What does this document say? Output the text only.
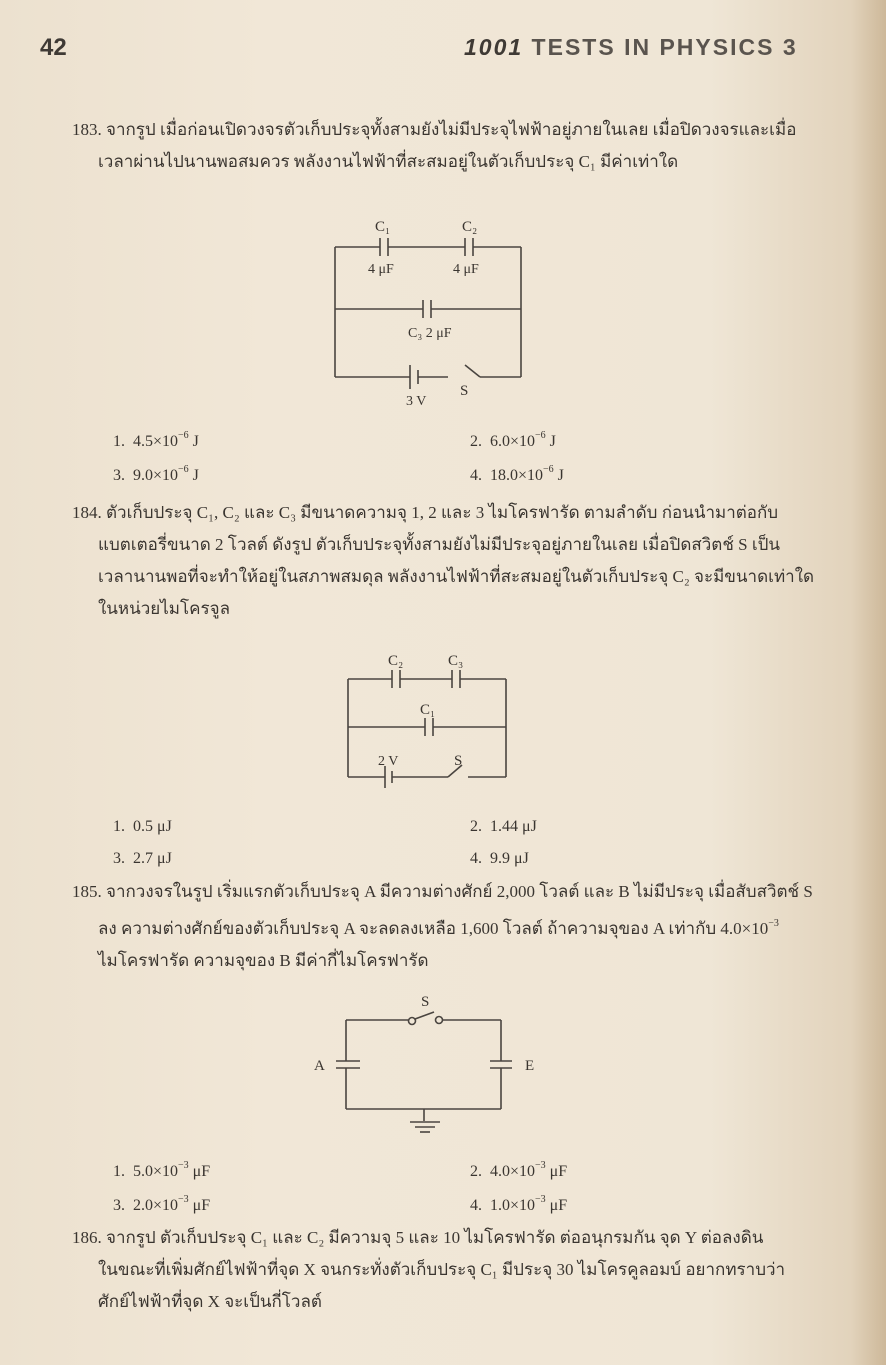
42	1001 TESTS IN PHYSICS 3
183. จากรูป เมื่อก่อนเปิดวงจรตัวเก็บประจุทั้งสามยังไม่มีประจุไฟฟ้าอยู่ภายในเลย เมื่อปิดวงจรและเมื่อ
เวลาผ่านไปนานพอสมควร พลังงานไฟฟ้าที่สะสมอยู่ในตัวเก็บประจุ C₁ มีค่าเท่าใด
C₁	C₂
4 μF	4 μF
C₃ 2 μF
S
3 V
1. $4.5\times 10^{-6}$ J	2. $6.0\times 10^{-6}$ J
3. $9.0\times 10^{-6}$ J	4. $18.0\times 10^{-6}$ J
184. ตัวเก็บประจุ C₁, C₂ และ C₃ มีขนาดความจุ 1, 2 และ 3 ไมโครฟารัด ตามลำดับ ก่อนนำมาต่อกับ
แบตเตอรี่ขนาด 2 โวลต์ ดังรูป ตัวเก็บประจุทั้งสามยังไม่มีประจุอยู่ภายในเลย เมื่อปิดสวิตช์ S เป็น
เวลานานพอที่จะทำให้อยู่ในสภาพสมดุล พลังงานไฟฟ้าที่สะสมอยู่ในตัวเก็บประจุ C₂ จะมีขนาดเท่าใด
ในหน่วยไมโครจูล
C₂	C₃
C₁
2 V	S
1. 0.5 μJ	2. 1.44 μJ
3. 2.7 μJ	4. 9.9 μJ
185. จากวงจรในรูป เริ่มแรกตัวเก็บประจุ A มีความต่างศักย์ 2,000 โวลต์ และ B ไม่มีประจุ เมื่อสับสวิตช์ S
ลง ความต่างศักย์ของตัวเก็บประจุ A จะลดลงเหลือ 1,600 โวลต์ ถ้าความจุของ A เท่ากับ $4.0\times 10^{-3}$
ไมโครฟารัด ความจุของ B มีค่ากี่ไมโครฟารัด
S
A	E
1. $5.0\times 10^{-3}$ μF	2. $4.0\times 10^{-3}$ μF
3. $2.0\times 10^{-3}$ μF	4. $1.0\times 10^{-3}$ μF
186. จากรูป ตัวเก็บประจุ C₁ และ C₂ มีความจุ 5 และ 10 ไมโครฟารัด ต่ออนุกรมกัน จุด Y ต่อลงดิน
ในขณะที่เพิ่มศักย์ไฟฟ้าที่จุด X จนกระทั่งตัวเก็บประจุ C₁ มีประจุ 30 ไมโครคูลอมบ์ อยากทราบว่า
ศักย์ไฟฟ้าที่จุด X จะเป็นกี่โวลต์
